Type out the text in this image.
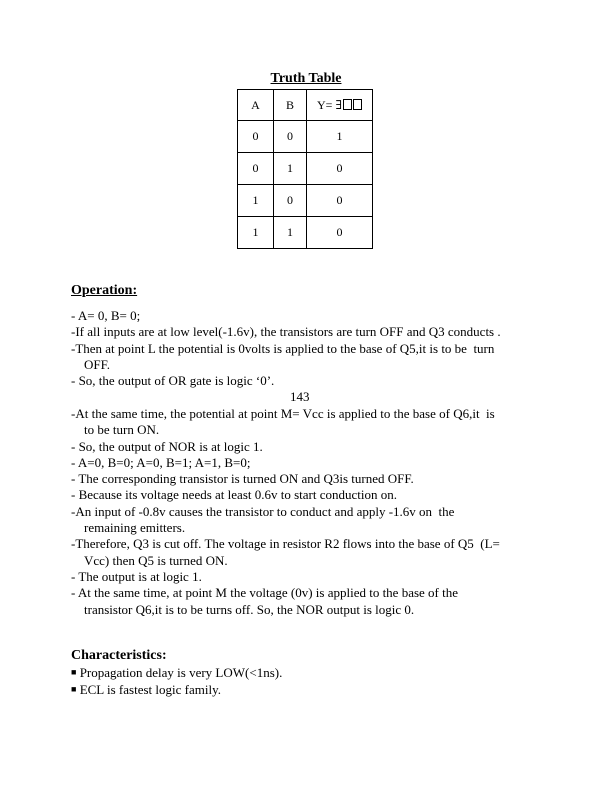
Truth Table
A	B	Y= ∃
0	0	1
0	1	0
1	0	0
1	1	0
Operation:
- A= 0, B= 0;
-If all inputs are at low level(-1.6v), the transistors are turn OFF and Q3 conducts .
-Then at point L the potential is 0volts is applied to the base of Q5,it is to be  turn
OFF.
- So, the output of OR gate is logic ‘0’.
143
-At the same time, the potential at point M= Vcc is applied to the base of Q6,it  is
to be turn ON.
- So, the output of NOR is at logic 1.
- A=0, B=0; A=0, B=1; A=1, B=0;
- The corresponding transistor is turned ON and Q3is turned OFF.
- Because its voltage needs at least 0.6v to start conduction on.
-An input of -0.8v causes the transistor to conduct and apply -1.6v on  the
remaining emitters.
-Therefore, Q3 is cut off. The voltage in resistor R2 flows into the base of Q5  (L=
Vcc) then Q5 is turned ON.
- The output is at logic 1.
- At the same time, at point M the voltage (0v) is applied to the base of the
transistor Q6,it is to be turns off. So, the NOR output is logic 0.
Characteristics:
■ Propagation delay is very LOW(<1ns).
■ ECL is fastest logic family.
